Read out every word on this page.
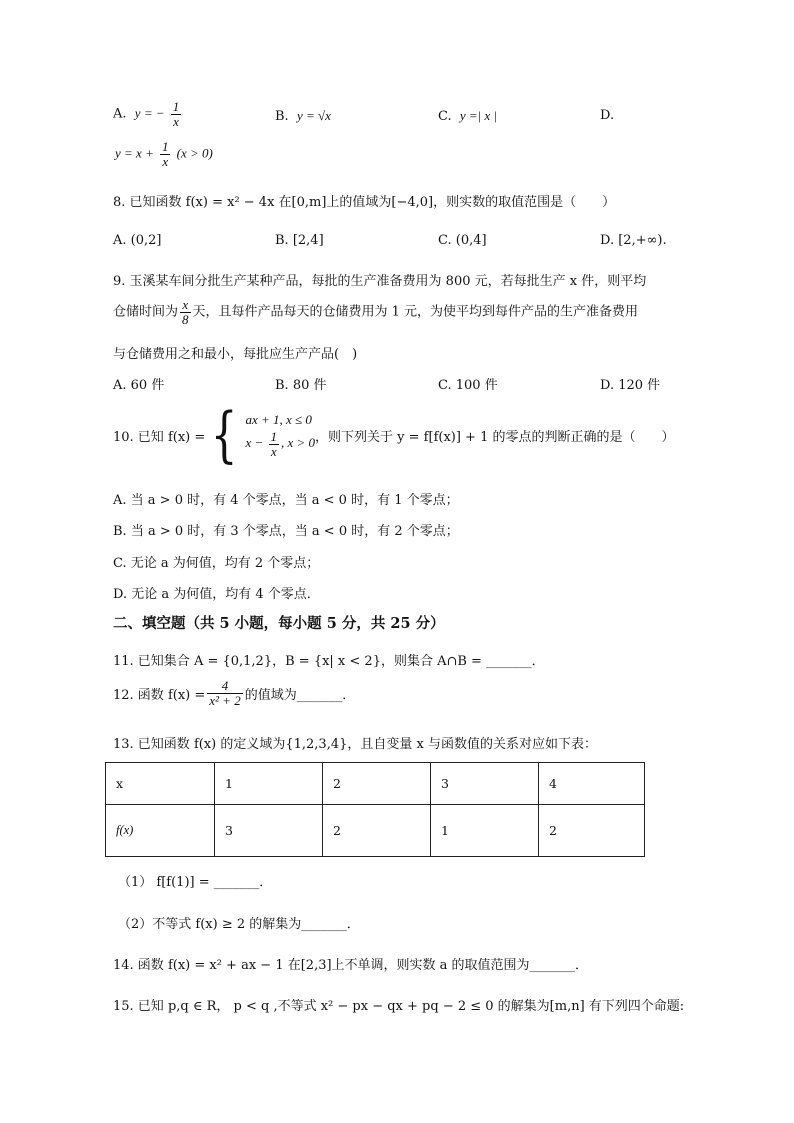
A. y = − $\frac{1}{x}$	B. y = √x	C. y =| x |	D.
$y = x + \frac{1}{x} (x > 0)$
8. 已知函数 f(x) = x² − 4x 在[0,m]上的值域为[−4,0]，则实数的取值范围是（　　）
A. (0,2]	B. [2,4]	C. (0,4]	D. [2,+∞).
9. 玉溪某车间分批生产某种产品，每批的生产准备费用为 800 元，若每批生产 x 件，则平均
仓储时间为 $\frac{x}{8}$ 天，且每件产品每天的仓储费用为 1 元，为使平均到每件产品的生产准备费用
与仓储费用之和最小，每批应生产产品(　)
A. 60 件	B. 80 件	C. 100 件	D. 120 件
10. 已知 f(x) = { ax + 1, x ≤ 0
$x - \frac{1}{x}$ , x > 0 ，则下列关于 y = f[f(x)] + 1 的零点的判断正确的是（　　）
A. 当 a > 0 时，有 4 个零点，当 a < 0 时，有 1 个零点；
B. 当 a > 0 时，有 3 个零点，当 a < 0 时，有 2 个零点；
C. 无论 a 为何值，均有 2 个零点；
D. 无论 a 为何值，均有 4 个零点．
二、填空题（共 5 小题，每小题 5 分，共 25 分）
11. 已知集合 A = {0,1,2}，B = {x| x < 2}，则集合 A∩B = _______．
12. 函数 $f(x) = \frac{4}{\text{x² + 2}}$ 的值域为_______．
13. 已知函数 f(x) 的定义域为{1,2,3,4}，且自变量 x 与函数值的关系对应如下表：
x	1	2	3	4
f(x)	3	2	1	2
（1） f[f(1)] = _______．
（2）不等式 f(x) ≥ 2 的解集为_______．
14. 函数 f(x) = x² + ax − 1 在[2,3]上不单调，则实数 a 的取值范围为_______．
15. 已知 p,q ∈ R， p < q ,不等式 x² − px − qx + pq − 2 ≤ 0 的解集为[m,n] 有下列四个命题:
